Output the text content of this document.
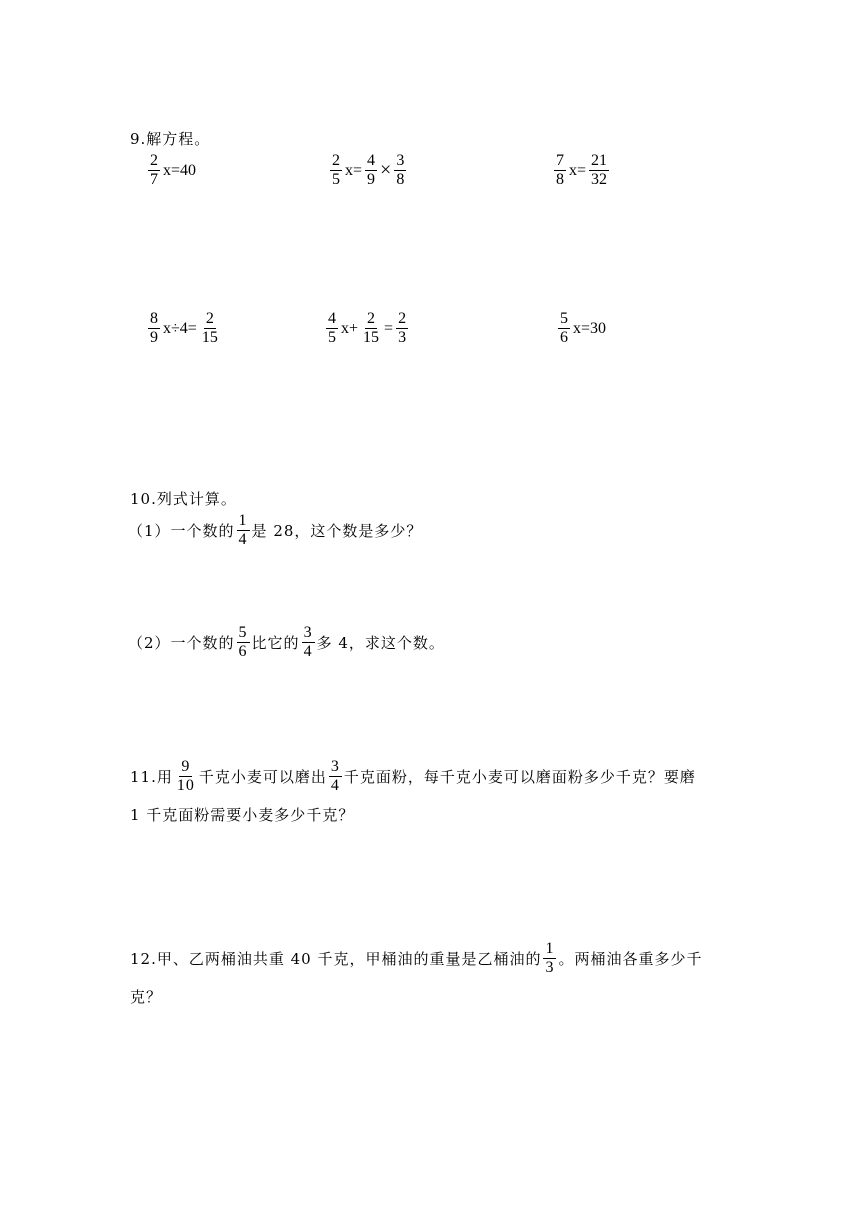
9.解方程。
$\frac{2}{7} x=40$	$\frac{2}{5} x= \frac{4}{9} \times \frac{3}{8}$	$\frac{7}{8} x= \frac{21}{32}$
$\frac{8}{9} x\div 4= \frac{2}{15}$	$\frac{4}{5} x+ \frac{2}{15} = \frac{2}{3}$	$\frac{5}{6} x=30$
10.列式计算。
（1）一个数的 $\frac{1}{4}$ 是 28，这个数是多少？
（2）一个数的 $\frac{5}{6}$ 比它的 $\frac{3}{4}$ 多 4，求这个数。
11.用 $\frac{9}{10}$ 千克小麦可以磨出 $\frac{3}{4}$ 千克面粉，每千克小麦可以磨面粉多少千克？要磨
1 千克面粉需要小麦多少千克？
12.甲、乙两桶油共重 40 千克，甲桶油的重量是乙桶油的 $\frac{1}{3}$ 。两桶油各重多少千
克？
